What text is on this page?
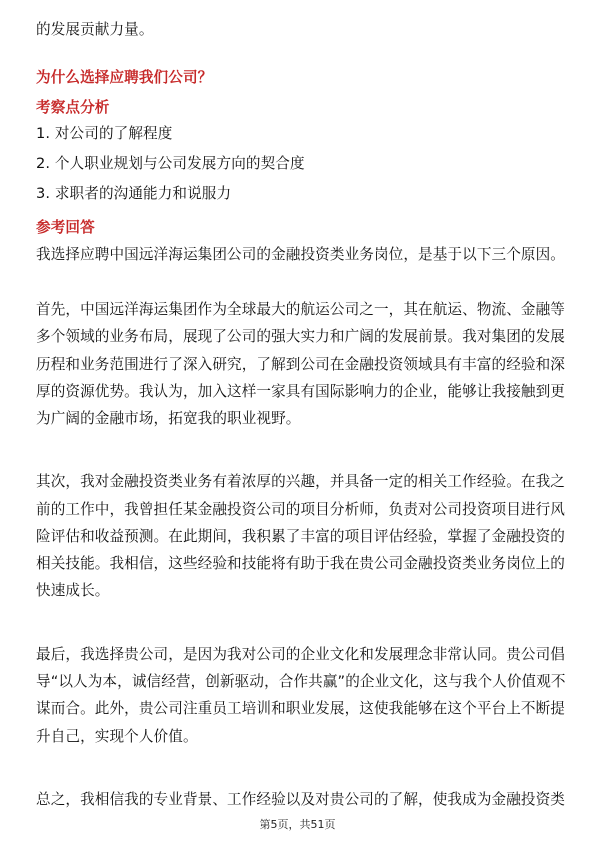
的发展贡献力量。
为什么选择应聘我们公司？
考察点分析
1. 对公司的了解程度
2. 个人职业规划与公司发展方向的契合度
3. 求职者的沟通能力和说服力
参考回答
我选择应聘中国远洋海运集团公司的金融投资类业务岗位，是基于以下三个原因。
首先，中国远洋海运集团作为全球最大的航运公司之一，其在航运、物流、金融等
多个领域的业务布局，展现了公司的强大实力和广阔的发展前景。我对集团的发展
历程和业务范围进行了深入研究，了解到公司在金融投资领域具有丰富的经验和深
厚的资源优势。我认为，加入这样一家具有国际影响力的企业，能够让我接触到更
为广阔的金融市场，拓宽我的职业视野。
其次，我对金融投资类业务有着浓厚的兴趣，并具备一定的相关工作经验。在我之
前的工作中，我曾担任某金融投资公司的项目分析师，负责对公司投资项目进行风
险评估和收益预测。在此期间，我积累了丰富的项目评估经验，掌握了金融投资的
相关技能。我相信，这些经验和技能将有助于我在贵公司金融投资类业务岗位上的
快速成长。
最后，我选择贵公司，是因为我对公司的企业文化和发展理念非常认同。贵公司倡
导“以人为本，诚信经营，创新驱动，合作共赢”的企业文化，这与我个人价值观不
谋而合。此外，贵公司注重员工培训和职业发展，这使我能够在这个平台上不断提
升自己，实现个人价值。
总之，我相信我的专业背景、工作经验以及对贵公司的了解，使我成为金融投资类
第5页，共51页
